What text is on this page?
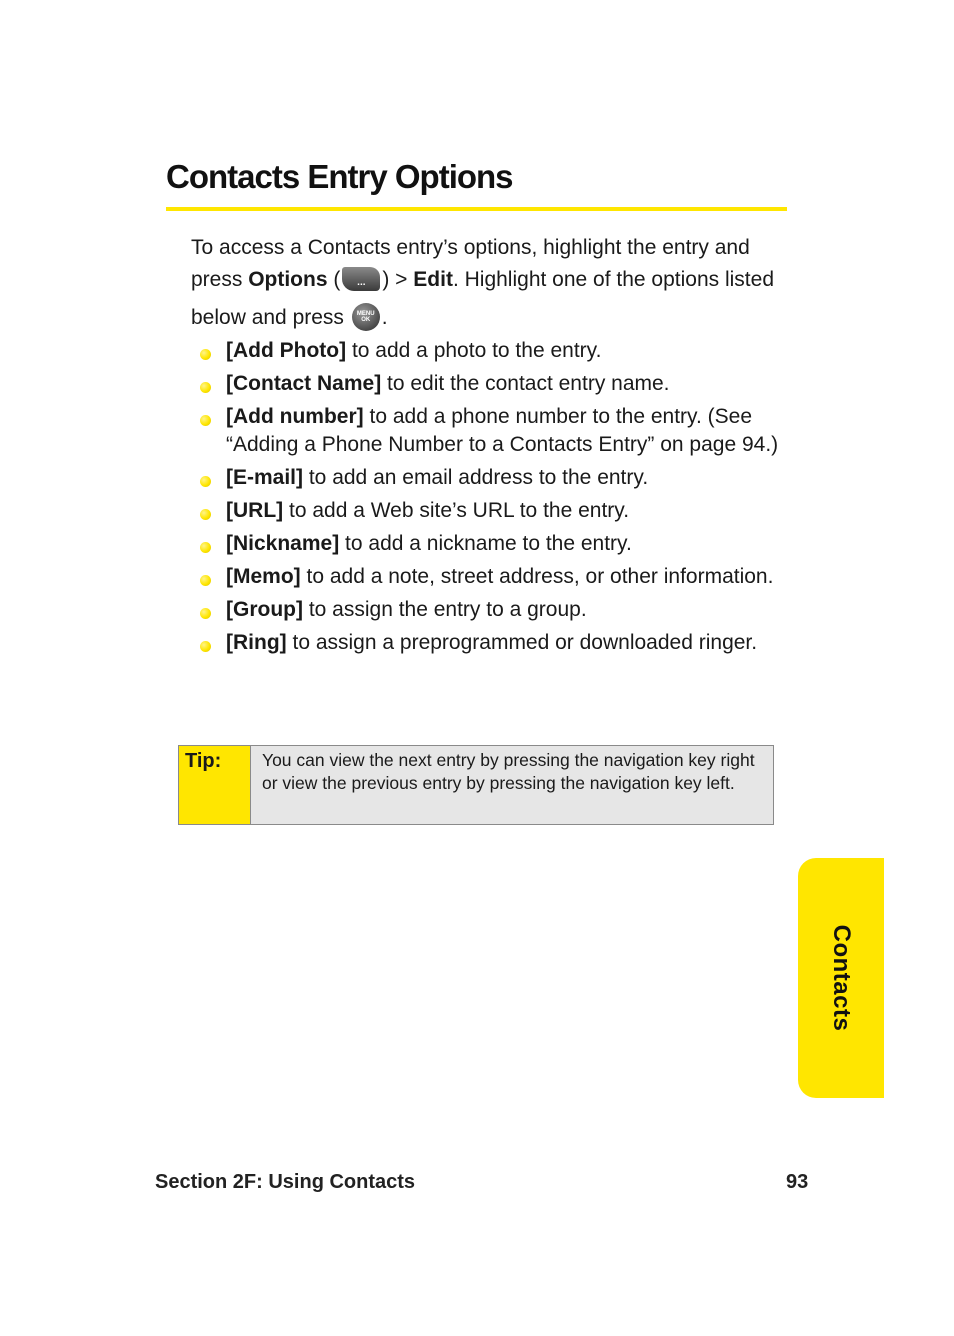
Contacts Entry Options
To access a Contacts entry’s options, highlight the entry and
press Options (	... ) > Edit. Highlight one of the options listed
below and press	MENU OK .
[Add Photo] to add a photo to the entry.
[Contact Name] to edit the contact entry name.
[Add number] to add a phone number to the entry. (See “Adding a Phone Number to a Contacts Entry” on page 94.)
[E-mail] to add an email address to the entry.
[URL] to add a Web site’s URL to the entry.
[Nickname] to add a nickname to the entry.
[Memo] to add a note, street address, or other information.
[Group] to assign the entry to a group.
[Ring] to assign a preprogrammed or downloaded ringer.
Tip:	You can view the next entry by pressing the navigation key right or view the previous entry by pressing the navigation key left.
Contacts
Section 2F: Using Contacts	93
